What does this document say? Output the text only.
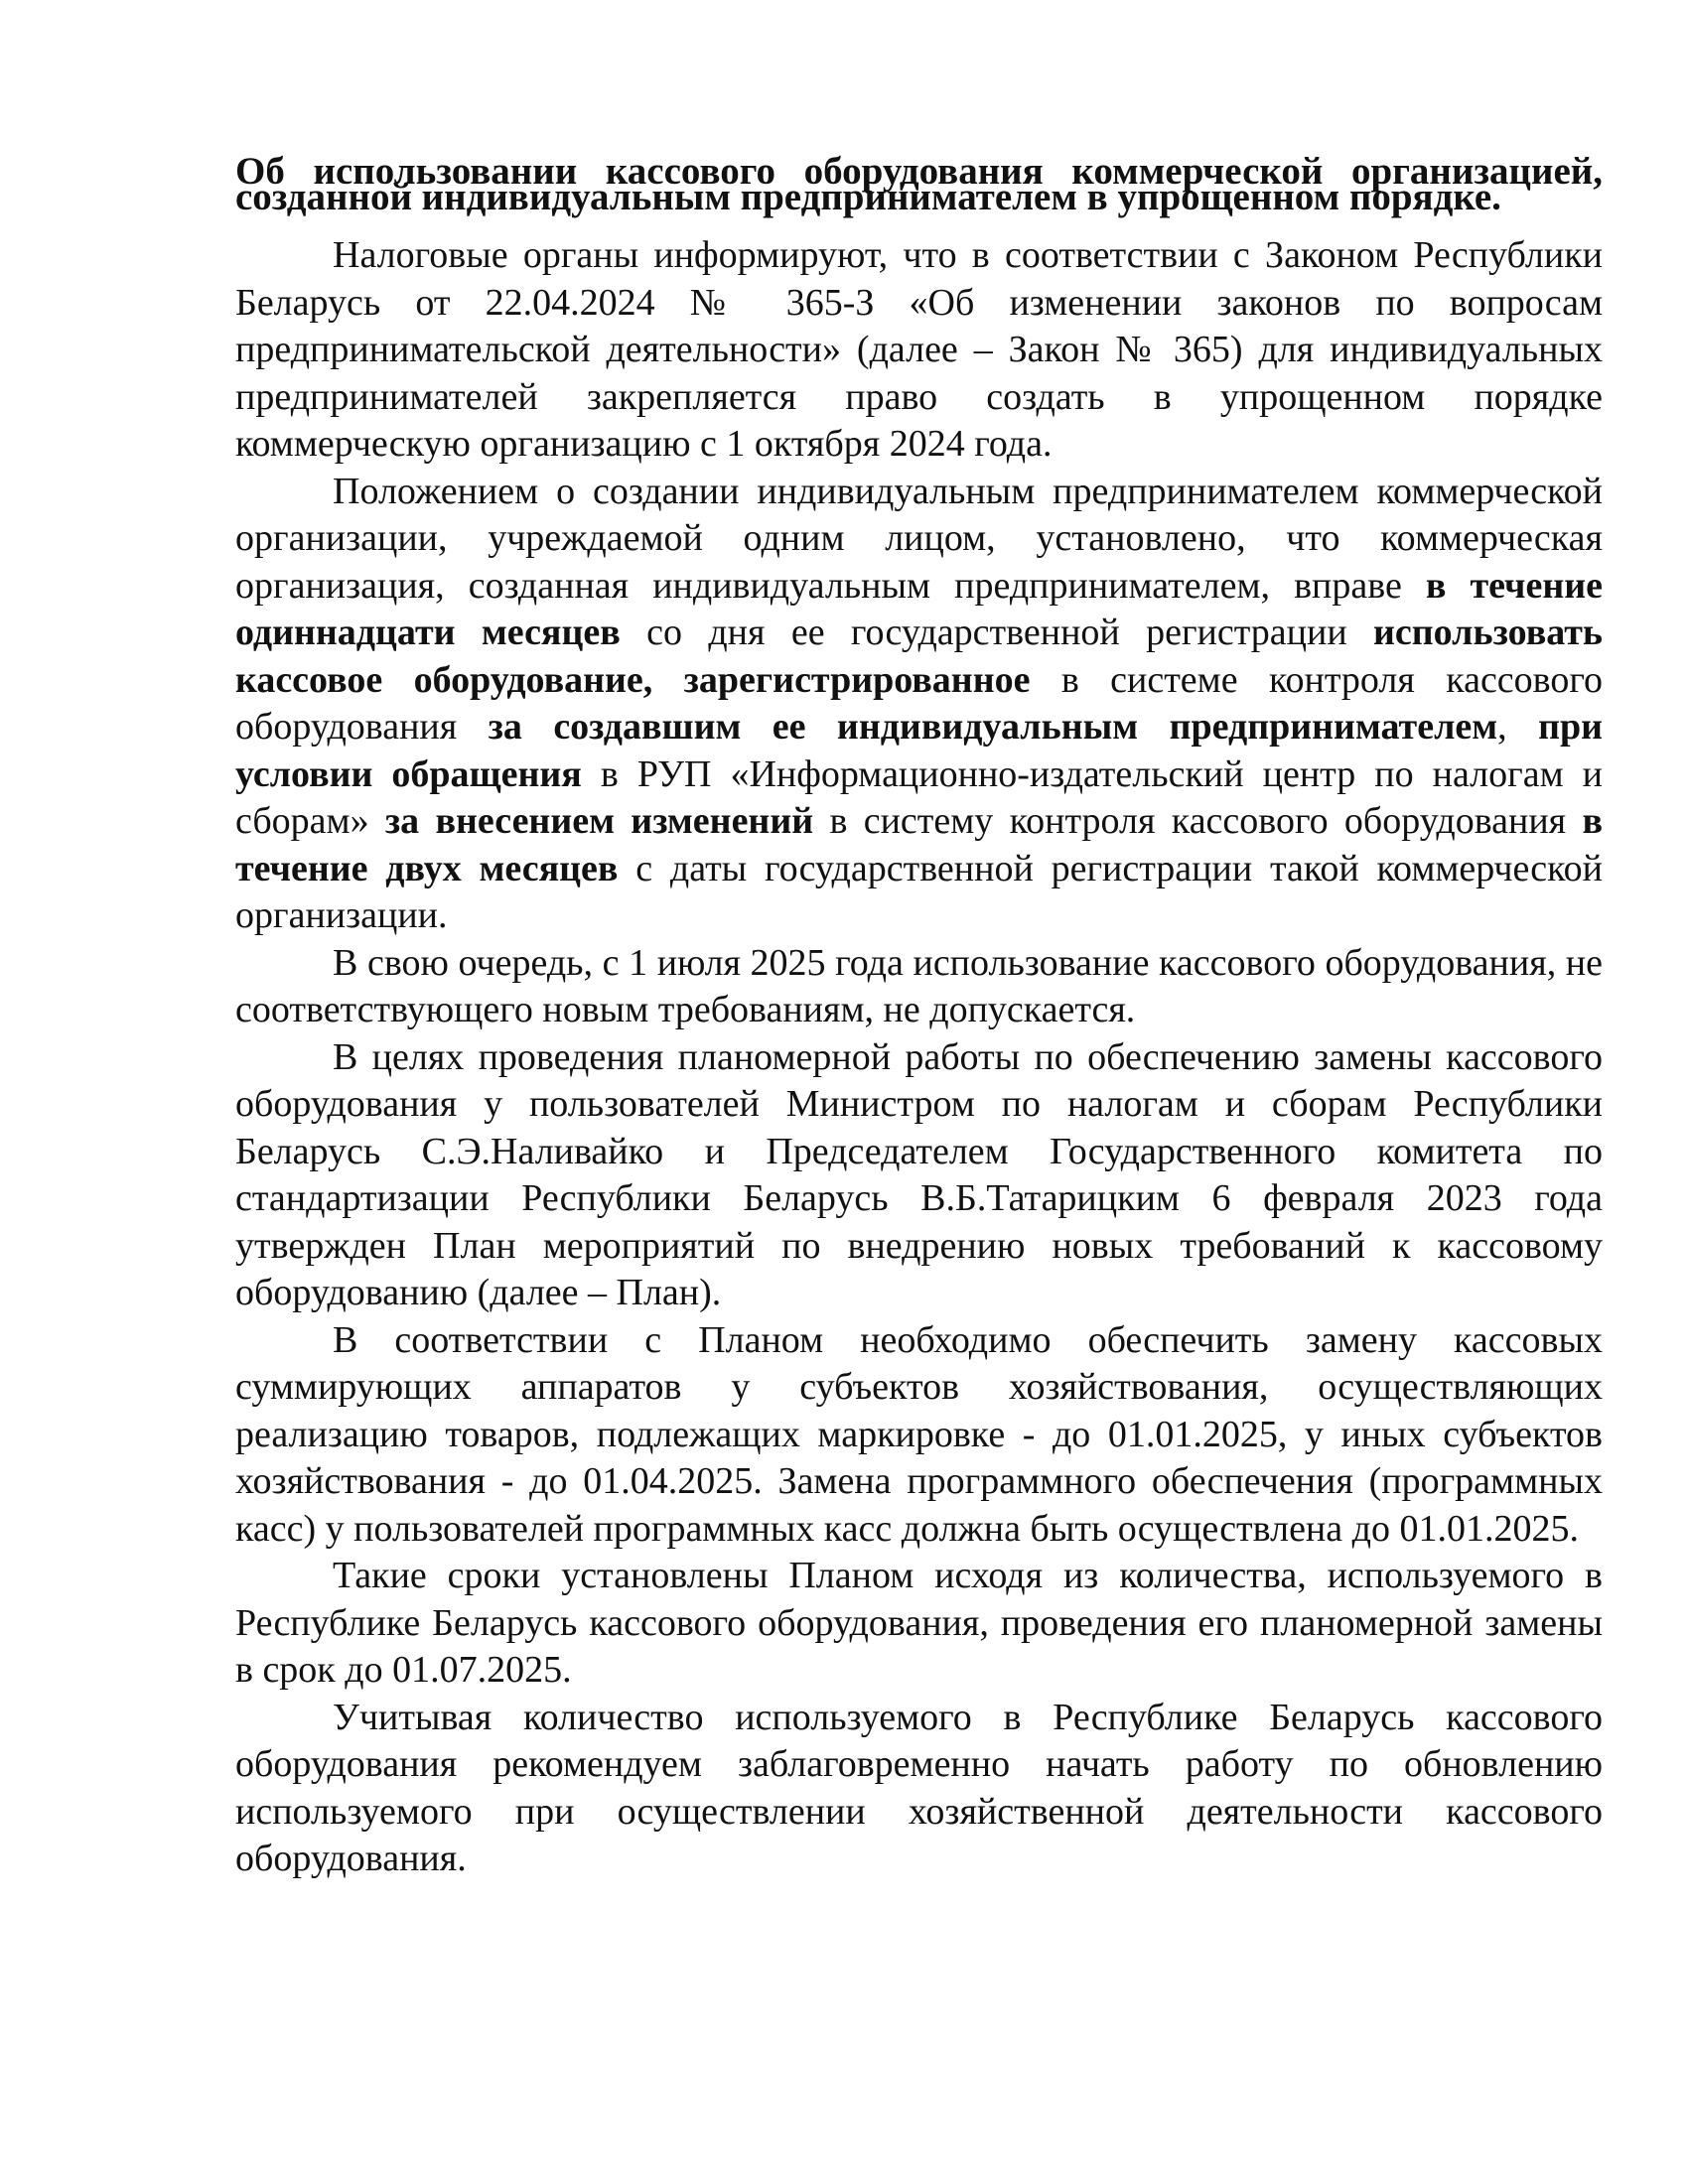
Об использовании кассового оборудования коммерческой организацией, созданной индивидуальным предпринимателем в упрощенном порядке.

Налоговые органы информируют, что в соответствии с Законом Республики Беларусь от 22.04.2024 № 365-З «Об изменении законов по вопросам предпринимательской деятельности» (далее – Закон № 365) для индивидуальных предпринимателей закрепляется право создать в упрощенном порядке коммерческую организацию с 1 октября 2024 года.

Положением о создании индивидуальным предпринимателем коммерческой организации, учреждаемой одним лицом, установлено, что коммерческая организация, созданная индивидуальным предпринимателем, вправе в течение одиннадцати месяцев со дня ее государственной регистрации использовать кассовое оборудование, зарегистрированное в системе контроля кассового оборудования за создавшим ее индивидуальным предпринимателем, при условии обращения в РУП «Информационно-издательский центр по налогам и сборам» за внесением изменений в систему контроля кассового оборудования в течение двух месяцев с даты государственной регистрации такой коммерческой организации.

В свою очередь, с 1 июля 2025 года использование кассового оборудования, не соответствующего новым требованиям, не допускается.

В целях проведения планомерной работы по обеспечению замены кассового оборудования у пользователей Министром по налогам и сборам Республики Беларусь С.Э.Наливайко и Председателем Государственного комитета по стандартизации Республики Беларусь В.Б.Татарицким 6 февраля 2023 года утвержден План мероприятий по внедрению новых требований к кассовому оборудованию (далее – План).

В соответствии с Планом необходимо обеспечить замену кассовых суммирующих аппаратов у субъектов хозяйствования, осуществляющих реализацию товаров, подлежащих маркировке - до 01.01.2025, у иных субъектов хозяйствования - до 01.04.2025. Замена программного обеспечения (программных касс) у пользователей программных касс должна быть осуществлена до 01.01.2025.

Такие сроки установлены Планом исходя из количества, используемого в Республике Беларусь кассового оборудования, проведения его планомерной замены в срок до 01.07.2025.

Учитывая количество используемого в Республике Беларусь кассового оборудования рекомендуем заблаговременно начать работу по обновлению используемого при осуществлении хозяйственной деятельности кассового оборудования.
